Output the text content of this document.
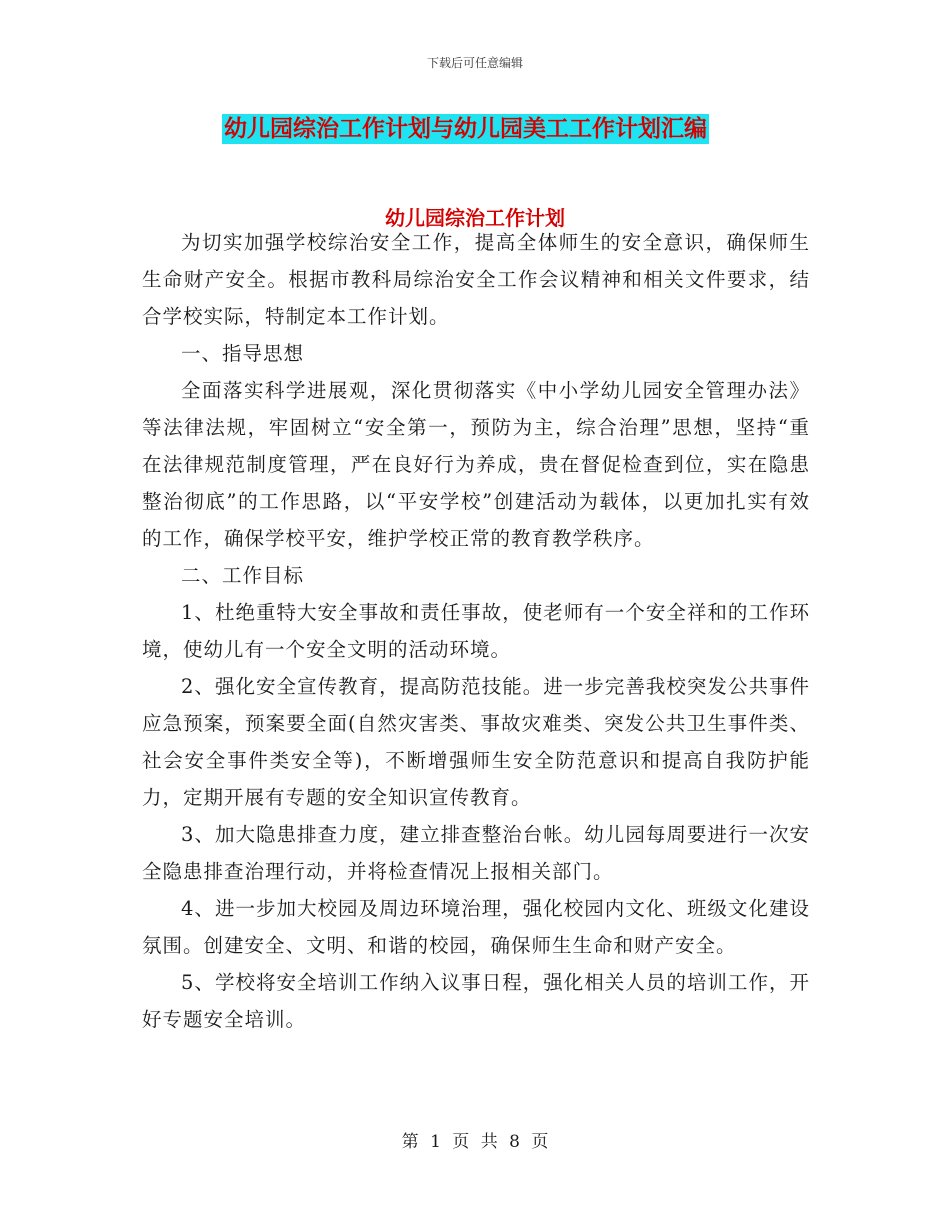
下载后可任意编辑
幼儿园综治工作计划与幼儿园美工工作计划汇编
幼儿园综治工作计划

为切实加强学校综治安全工作，提高全体师生的安全意识，确保师生生命财产安全。根据市教科局综治安全工作会议精神和相关文件要求，结合学校实际，特制定本工作计划。

一、指导思想

全面落实科学进展观，深化贯彻落实《中小学幼儿园安全管理办法》等法律法规，牢固树立“安全第一，预防为主，综合治理”思想，坚持“重在法律规范制度管理，严在良好行为养成，贵在督促检查到位，实在隐患整治彻底”的工作思路，以“平安学校”创建活动为载体，以更加扎实有效的工作，确保学校平安，维护学校正常的教育教学秩序。

二、工作目标

1、杜绝重特大安全事故和责任事故，使老师有一个安全祥和的工作环境，使幼儿有一个安全文明的活动环境。

2、强化安全宣传教育，提高防范技能。进一步完善我校突发公共事件应急预案，预案要全面(自然灾害类、事故灾难类、突发公共卫生事件类、社会安全事件类安全等)，不断增强师生安全防范意识和提高自我防护能力，定期开展有专题的安全知识宣传教育。

3、加大隐患排查力度，建立排查整治台帐。幼儿园每周要进行一次安全隐患排查治理行动，并将检查情况上报相关部门。

4、进一步加大校园及周边环境治理，强化校园内文化、班级文化建设氛围。创建安全、文明、和谐的校园，确保师生生命和财产安全。

5、学校将安全培训工作纳入议事日程，强化相关人员的培训工作，开好专题安全培训。

第 1 页 共 8 页
